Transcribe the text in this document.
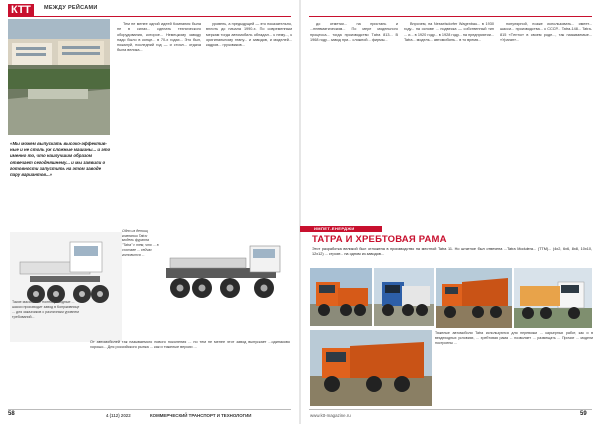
КТТ	МЕЖДУ РЕЙСАМИ
«Мы можем выпускать высоко-эффектив-ные и не столь уж сложные машины... и это именно то, что наилучшим образом отвечает сегодняшнему... и мы заявили о готовности запустить на этом заводе пару вариантов...»

Тем не менее одной идеей Компания была не в силах... сделать технического оборудования, которое... Немецкому заводу надо было в конце... в 70-х годах... Это был, пожалуй, последний год — и стоял... отдача была велика...

уровень, а предыдущей — это показательно, вплоть до начала 1990-х. По современным меркам тогда автомобиль обладал... к нему..., к оригинальному этапу... и заводов, и моделей... кадров... грузовиков...

Такие массивные полноприводные ... шасси производит завод в Копрживнице ... для заказчиков с различным уровнем требований...
Одно из детищ компании Tatra: модель фургона "Tatra" с тем, что ... в составе ... сейчас готовится ...
От автомобилей так называемого нового поколения ... но тем не менее этот завод выпускает ...одинаково хорошо... Для российского рынка ... как и тяжелые версии ...

до отметки... на пристань и ...пневматическим... По мере модельного процесса... тогда производство Тatra 813... В 1968 году... завод при... сложной... фирмы...

Впрочем, на Nesselsdorfer Wagenbau... в 1930 году... на основе ... подвеска — собственный тип ... и... в 1920 году... в 1928 году... на предприятии... Tatra... модель... автомобиль... в то время...

популярной, позже использовать... имеет... шасси... производства... к СССР... Tatra-148... Tatra-815 «Тerrno» в своем роде..., так называемые... «Ураган»...

ИМПЕТ-ЕНЕРДЖИ
ТАТРА И ХРЕБТОВАЯ РАМА
Этот разработка великой был отложена в производство на местной Tatra 11. Но штатное был отвечена ...Tatra Modulera... (TTM)... (4x2, 6x6, 8x8, 10x10, 12x12) ... строят... на одном из заводов...
Тяжелые автомобили Tatra используются для перевозки ... карьерных работ, как и в вездеходных условиях, ... хребтовая рама ... позволяет ... размещать ... Прочие ... модели построены ...
58	4 (112) 2022	КОММЕРЧЕСКИЙ ТРАНСПОРТ И ТЕХНОЛОГИИ	www.ktt-magazine.ru	59
